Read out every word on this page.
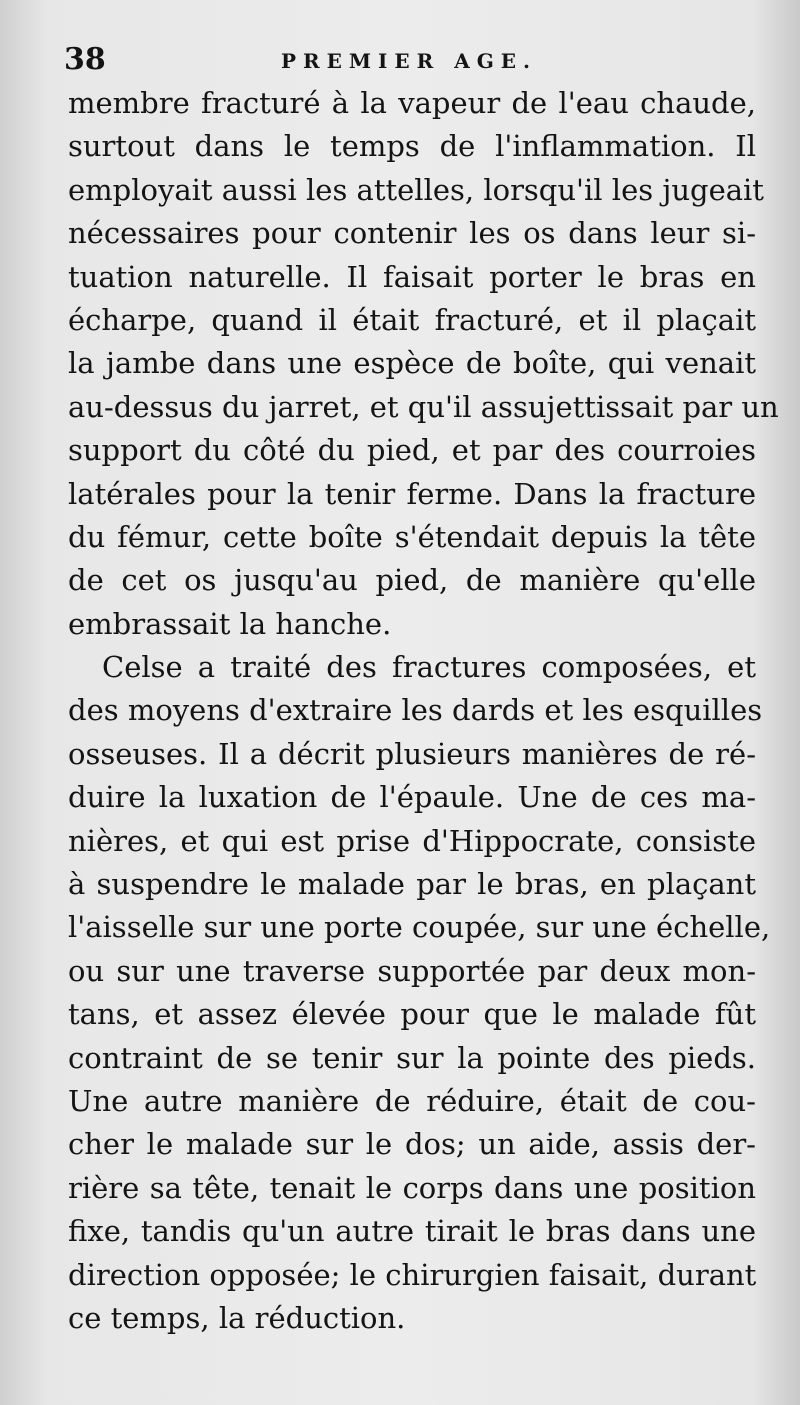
38	PREMIER AGE.
membre fracturé à la vapeur de l'eau chaude,
surtout dans le temps de l'inflammation. Il
employait aussi les attelles, lorsqu'il les jugeait
nécessaires pour contenir les os dans leur si-
tuation naturelle. Il faisait porter le bras en
écharpe, quand il était fracturé, et il plaçait
la jambe dans une espèce de boîte, qui venait
au-dessus du jarret, et qu'il assujettissait par un
support du côté du pied, et par des courroies
latérales pour la tenir ferme. Dans la fracture
du fémur, cette boîte s'étendait depuis la tête
de cet os jusqu'au pied, de manière qu'elle
embrassait la hanche.
Celse a traité des fractures composées, et
des moyens d'extraire les dards et les esquilles
osseuses. Il a décrit plusieurs manières de ré-
duire la luxation de l'épaule. Une de ces ma-
nières, et qui est prise d'Hippocrate, consiste
à suspendre le malade par le bras, en plaçant
l'aisselle sur une porte coupée, sur une échelle,
ou sur une traverse supportée par deux mon-
tans, et assez élevée pour que le malade fût
contraint de se tenir sur la pointe des pieds.
Une autre manière de réduire, était de cou-
cher le malade sur le dos; un aide, assis der-
rière sa tête, tenait le corps dans une position
fixe, tandis qu'un autre tirait le bras dans une
direction opposée; le chirurgien faisait, durant
ce temps, la réduction.
